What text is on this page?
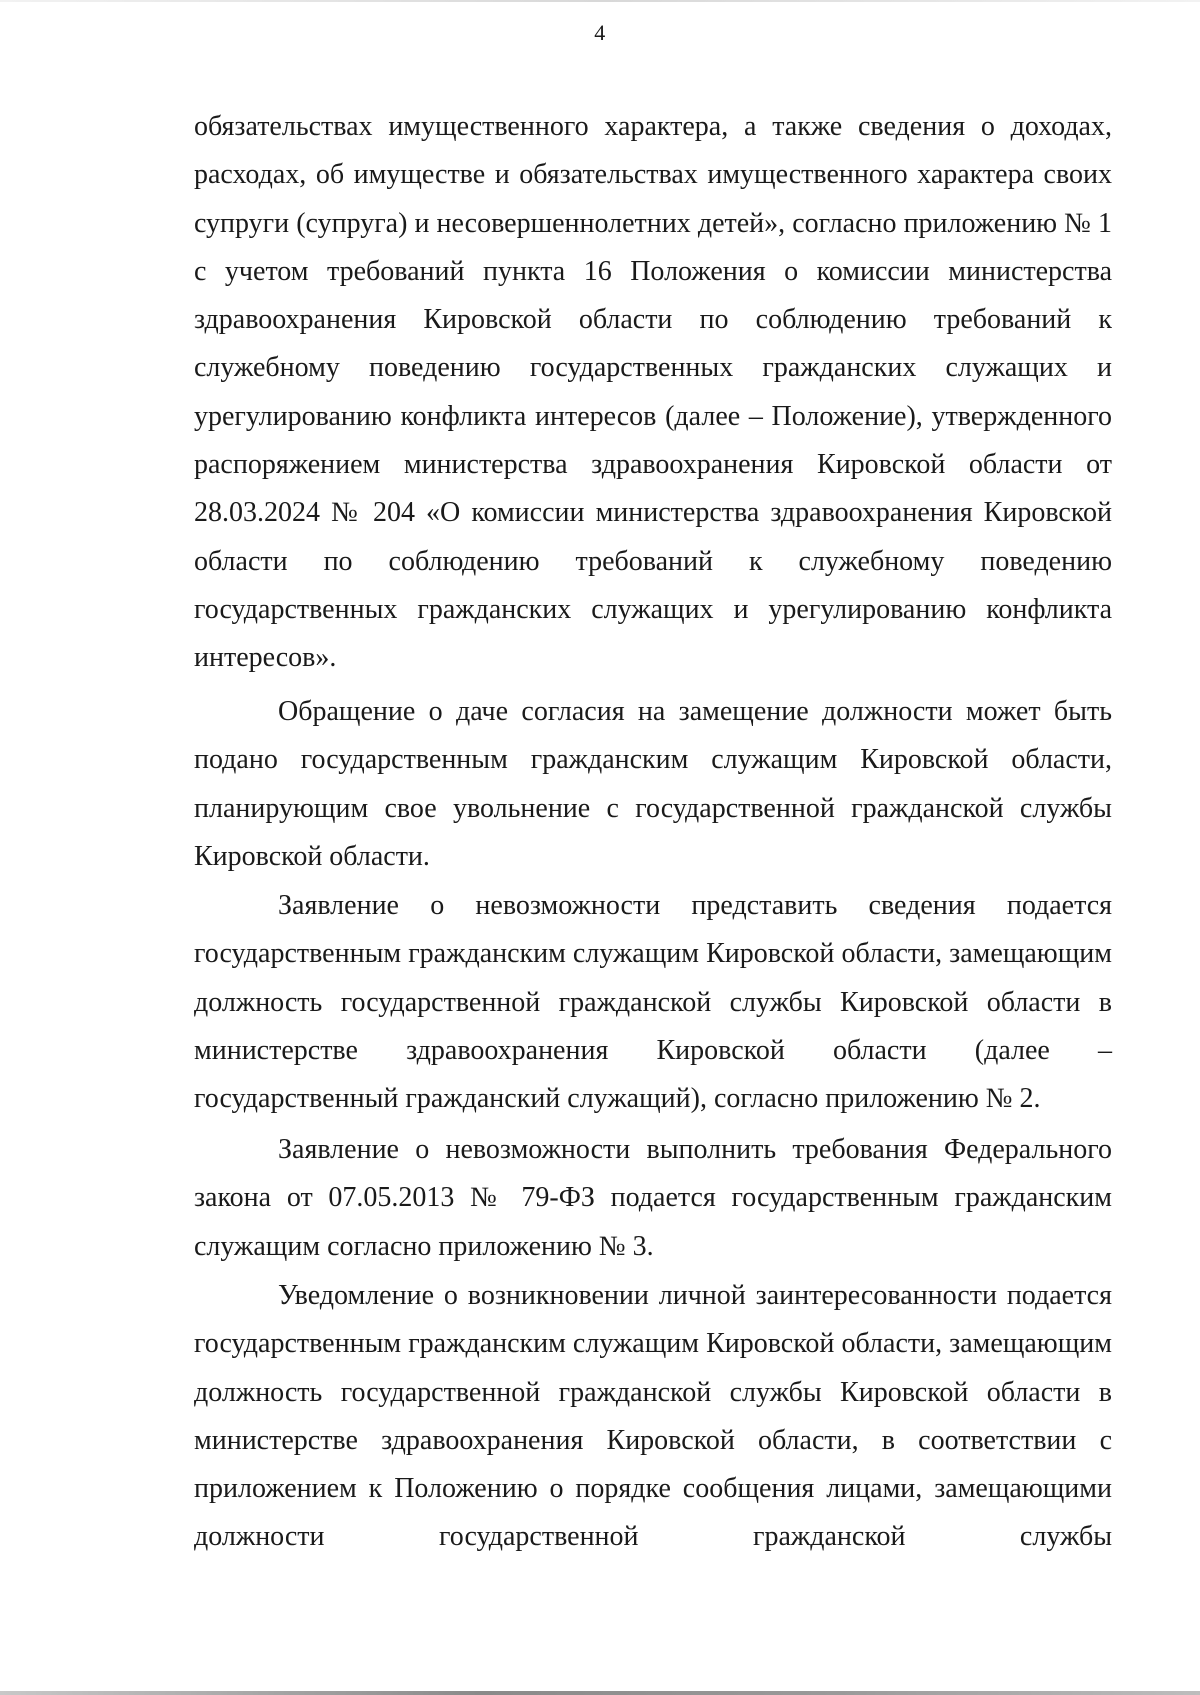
4

обязательствах имущественного характера, а также сведения о доходах, расходах, об имуществе и обязательствах имущественного характера своих супруги (супруга) и несовершеннолетних детей», согласно приложению № 1 с учетом требований пункта 16 Положения о комиссии министерства здравоохранения Кировской области по соблюдению требований к служебному поведению государственных гражданских служащих и урегулированию конфликта интересов (далее – Положение), утвержденного распоряжением министерства здравоохранения Кировской области от 28.03.2024 № 204 «О комиссии министерства здравоохранения Кировской области по соблюдению требований к служебному поведению государственных гражданских служащих и урегулированию конфликта интересов».

Обращение о даче согласия на замещение должности может быть подано государственным гражданским служащим Кировской области, планирующим свое увольнение с государственной гражданской службы Кировской области.

Заявление о невозможности представить сведения подается государственным гражданским служащим Кировской области, замещающим должность государственной гражданской службы Кировской области в министерстве здравоохранения Кировской области (далее – государственный гражданский служащий), согласно приложению № 2.

Заявление о невозможности выполнить требования Федерального закона от 07.05.2013 № 79-ФЗ подается государственным гражданским служащим согласно приложению № 3.

Уведомление о возникновении личной заинтересованности подается государственным гражданским служащим Кировской области, замещающим должность государственной гражданской службы Кировской области в министерстве здравоохранения Кировской области, в соответствии с приложением к Положению о порядке сообщения лицами, замещающими должности государственной гражданской службы
